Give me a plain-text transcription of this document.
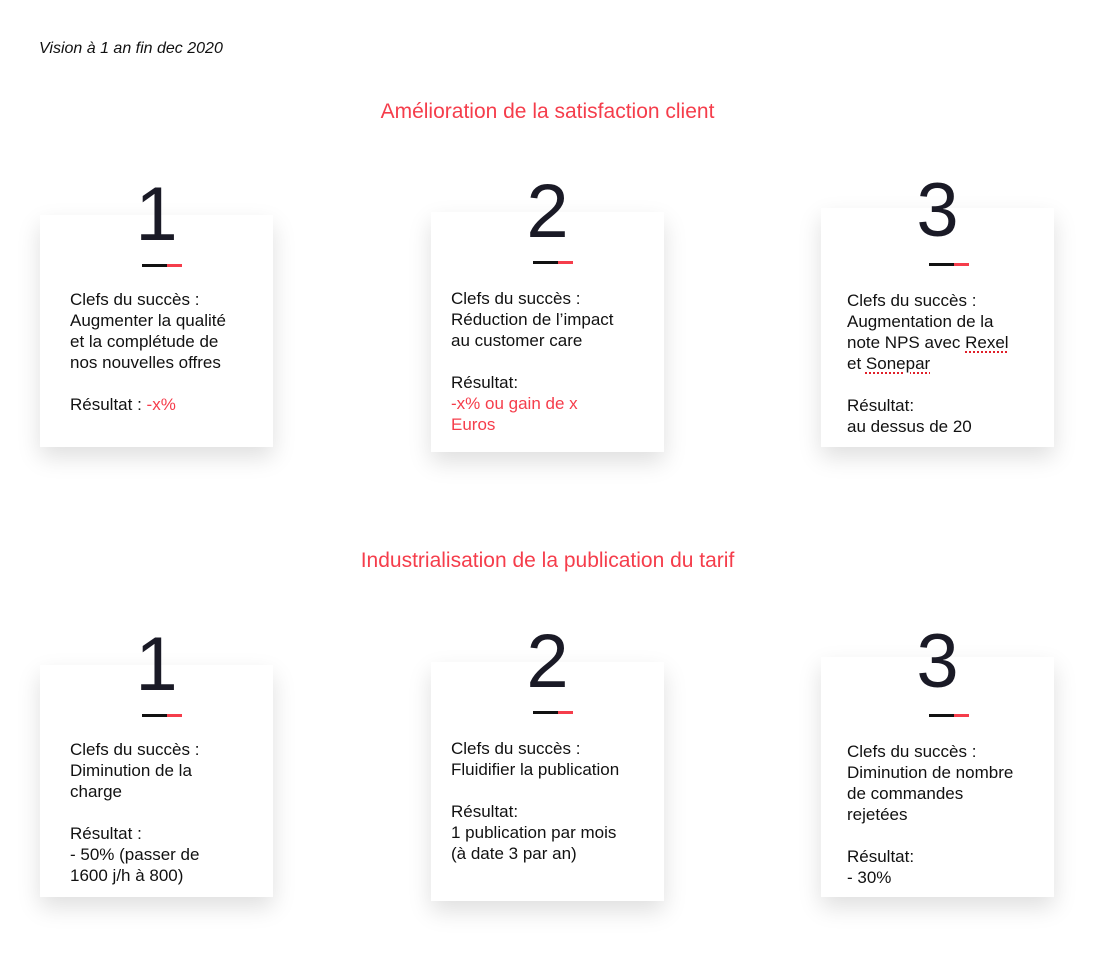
Vision à 1 an fin dec 2020
Amélioration de la satisfaction client
Industrialisation de la publication du tarif
1
Clefs du succès :
Augmenter la qualité
et la complétude de
nos nouvelles offres
Résultat : -x%
2
Clefs du succès :
Réduction de l’impact
au customer care
Résultat:
-x% ou gain de x
Euros
3
Clefs du succès :
Augmentation de la
note NPS avec Rexel
et Sonepar
Résultat:
au dessus de 20
1
Clefs du succès :
Diminution de la
charge
Résultat :
- 50% (passer de
1600 j/h à 800)
2
Clefs du succès :
Fluidifier la publication
Résultat:
1 publication par mois
(à date 3 par an)
3
Clefs du succès :
Diminution de nombre
de commandes
rejetées
Résultat:
- 30%
